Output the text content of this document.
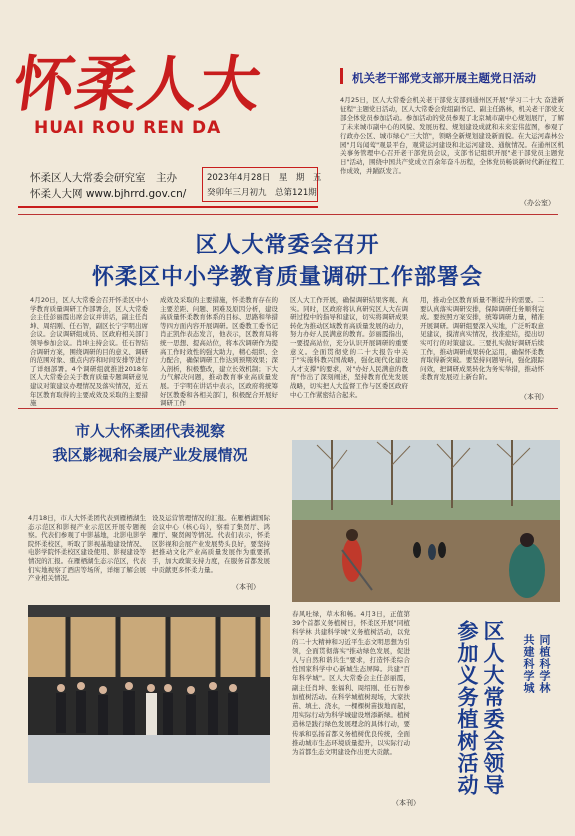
怀柔人大
HUAI ROU REN DA
怀柔区人大常委会研究室　主办
怀柔人大网 www.bjhrrd.gov.cn/
2023年4月28日　星　期　五
癸卯年三月初九　总第121期
机关老干部党支部开展主题党日活动
4月25日，区人大常委会机关老干部党支部到通州区开展"学习二十大 奋进新征程"主题党日活动，区人大常委会党组副书记、副主任路林，机关老干部党支部全体党员参加活动。参加活动的党员参观了北京城市副中心规划展厅，了解了未来城市副中心的风貌、发展历程、规划建设成就和未来宏伟蓝图，参观了行政办公区、城市绿心"三大馆"，领略全新规划建设新面貌。在大运河森林公园"月岛闻莺"观景平台，观赏运河建设和北运河建设、通航情况。在通州区机关事务管理中心召开老干部党员会议，支部书记组织开展"老干部党员主题党日"活动，围绕中国共产党成立百余年奋斗历程，全体党员畅谈新时代新征程工作成效，并踊跃发言。
（办公室）
区人大常委会召开
怀柔区中小学教育质量调研工作部署会
4月20日，区人大常委会召开怀柔区中小学教育质量调研工作部署会，区人大常委会主任彭丽霞出席会议并讲话，副主任肖坤、周绍刚、任石智，副区长宁宇明出席会议。会议调研组成员、区政府相关部门领导参加会议。肖坤主持会议。任石智结合调研方案，围绕调研的目的意义、调研的范围对象、重点内容和时间安排等进行了详细部署。4个调研组就推进2018年区人大常委会关于教育质量专题调研意见建议对策建议办理情况及落实情况，近五年区教育取得的主要成效及采取的主要措施
成效及采取的主要措施，怀柔教育存在的主要差距、问题、困难及原因分析，建设高质量怀柔教育体系的目标、思路和举措等四方面内容开展调研。区委教工委书记肖正凯作表态发言，他表示，区教育局将统一思想、提高站位，将本次调研作为提高工作时效性的强大助力，精心组织、全力配合，确保调研工作达到预期效果；深入剖析，积极整改，建立长效机制；下大力气解决问题，推动教育事业高质量发展。于宇明在讲话中表示，区政府将统筹好区教委和各相关部门，积极配合开展好调研工作
区人大工作开展，确保调研结果客观、真实。同时，区政府将认真研究区人大在调研过程中的指导和建议，切实将调研成果转化为推动区域教育高质量发展的动力，努力办好人民满意的教育。彭丽霞指出，一要提高站位，充分认识开展调研的重要意义。全面贯彻党的二十大报告中关于"实施科教兴国战略，强化现代化建设人才支撑"的要求，对"办好人民满意的教育"作出了深刻阐述，坚持教育优先发展战略，切实把人大监督工作与区委区政府中心工作紧密结合起来。
用，推动全区教育质量不断提升的需要。二要认真落实调研安排，保障调研任务顺利完成。要按照方案安排，统筹调研力量，精准开展调研。调研组要深入实地，广泛听取意见建议，摸清真实情况，找准症结，提出切实可行的对策建议。三要扎实做好调研后续工作，推动调研成果转化运用，确保怀柔教育取得新突破。要坚持问题导向，强化跟踪问效，把调研成果转化为务实举措，推动怀柔教育发展迈上新台阶。
（本刊）
市人大怀柔团代表视察
我区影视和会展产业发展情况
4月18日，市人大怀柔团代表到雁栖湖生态示范区和影视产业示范区开展专题视察。代表们参观了中影基地，北影电影学院怀柔校区，听取了影视基地建设情况、电影学院怀柔校区建设使用、影视建设等情况的汇报。在雁栖湖生态示范区，代表们实地视察了酒店等场所，详细了解会展产业相关情况。
设及运营管理情况的汇报。在雁栖湖国际会议中心（核心岛），察看了集贤厅、鸿雁厅、聚贤阁等情况。代表们表示，怀柔区影视和会展产业发展势头良好，要坚持把推动文化产业高质量发展作为重要抓手，加大政策支持力度，在服务首都发展中贡献更多怀柔力量。
（本刊）
春风吐绿，草木和畅。4月3日，正值第39个首都义务植树日，怀柔区开展"同植科学林 共建科学城"义务植树活动，以党的二十大精神和习近平生态文明思想为引领，全面贯彻落实"推动绿色发展，促进人与自然和谐共生"要求，打造怀柔综合性国家科学中心新城生态屏障。共建"百年科学城"。区人大常委会主任彭丽霞，副主任肖坤、张福利、周绍刚、任石智参加植树活动。在科学城植树现场，大家扶苗、填土、浇水，一棵棵树苗拔地而起，用实际行动为科学城建设增添新绿。植树造林是践行绿色发展理念的具体行动，要传承和弘扬首都义务植树优良传统，全面推动城市生态环境质量提升，以实际行动为首都生态文明建设作出更大贡献。
（本刊）
区人大常委会领导
参加义务植树活动	同植科学林
共建科学城
